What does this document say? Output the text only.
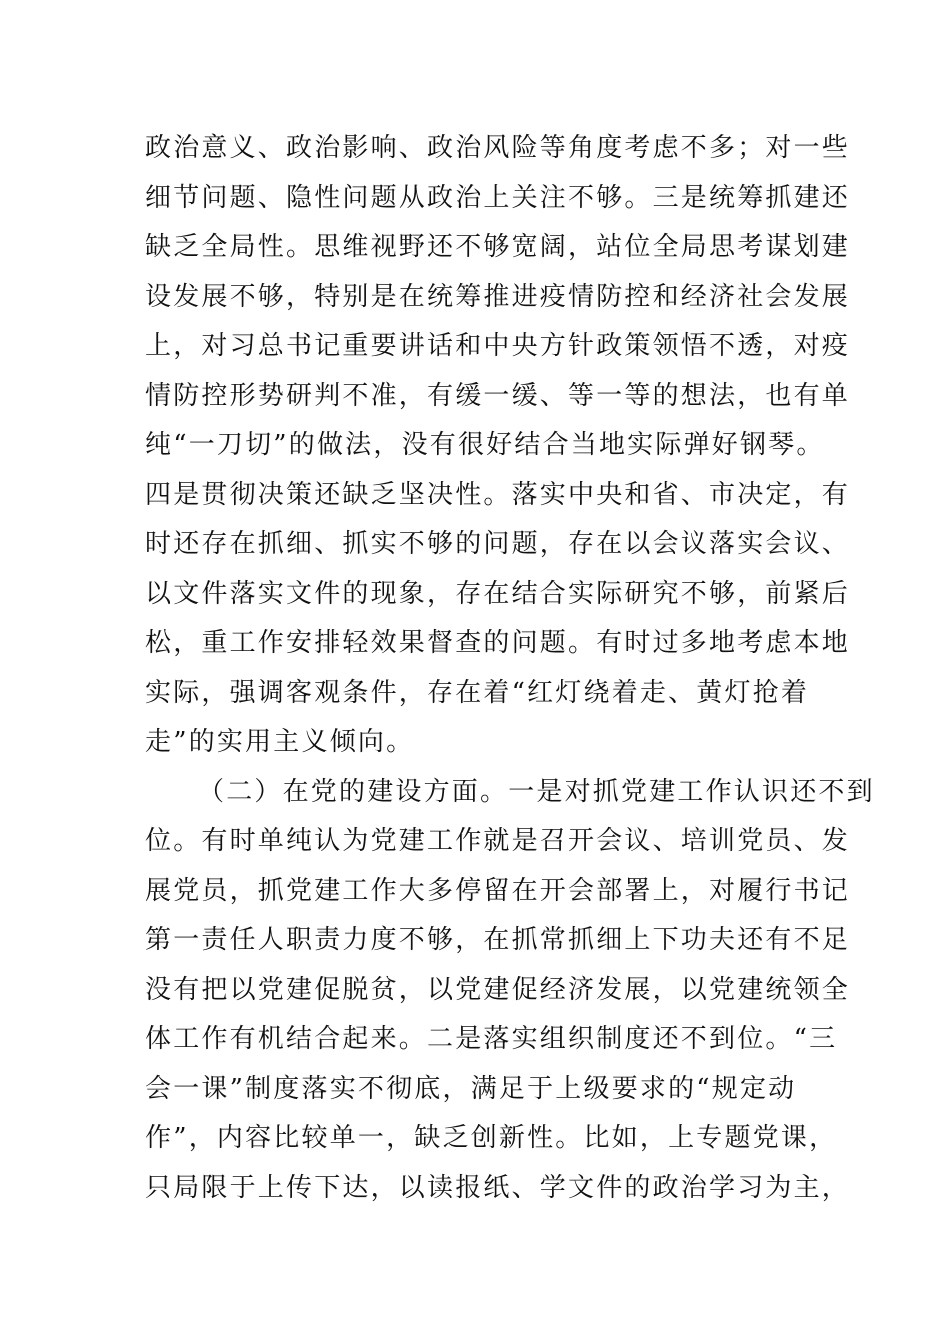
政治意义、政治影响、政治风险等角度考虑不多；对一些
细节问题、隐性问题从政治上关注不够。三是统筹抓建还
缺乏全局性。思维视野还不够宽阔，站位全局思考谋划建
设发展不够，特别是在统筹推进疫情防控和经济社会发展
上，对习总书记重要讲话和中央方针政策领悟不透，对疫
情防控形势研判不准，有缓一缓、等一等的想法，也有单
纯“一刀切”的做法，没有很好结合当地实际弹好钢琴。
四是贯彻决策还缺乏坚决性。落实中央和省、市决定，有
时还存在抓细、抓实不够的问题，存在以会议落实会议、
以文件落实文件的现象，存在结合实际研究不够，前紧后
松，重工作安排轻效果督查的问题。有时过多地考虑本地
实际，强调客观条件，存在着“红灯绕着走、黄灯抢着
走”的实用主义倾向。
（二）在党的建设方面。一是对抓党建工作认识还不到
位。有时单纯认为党建工作就是召开会议、培训党员、发
展党员，抓党建工作大多停留在开会部署上，对履行书记
第一责任人职责力度不够，在抓常抓细上下功夫还有不足
没有把以党建促脱贫，以党建促经济发展，以党建统领全
体工作有机结合起来。二是落实组织制度还不到位。“三
会一课”制度落实不彻底，满足于上级要求的“规定动
作”，内容比较单一，缺乏创新性。比如，上专题党课，
只局限于上传下达，以读报纸、学文件的政治学习为主，
